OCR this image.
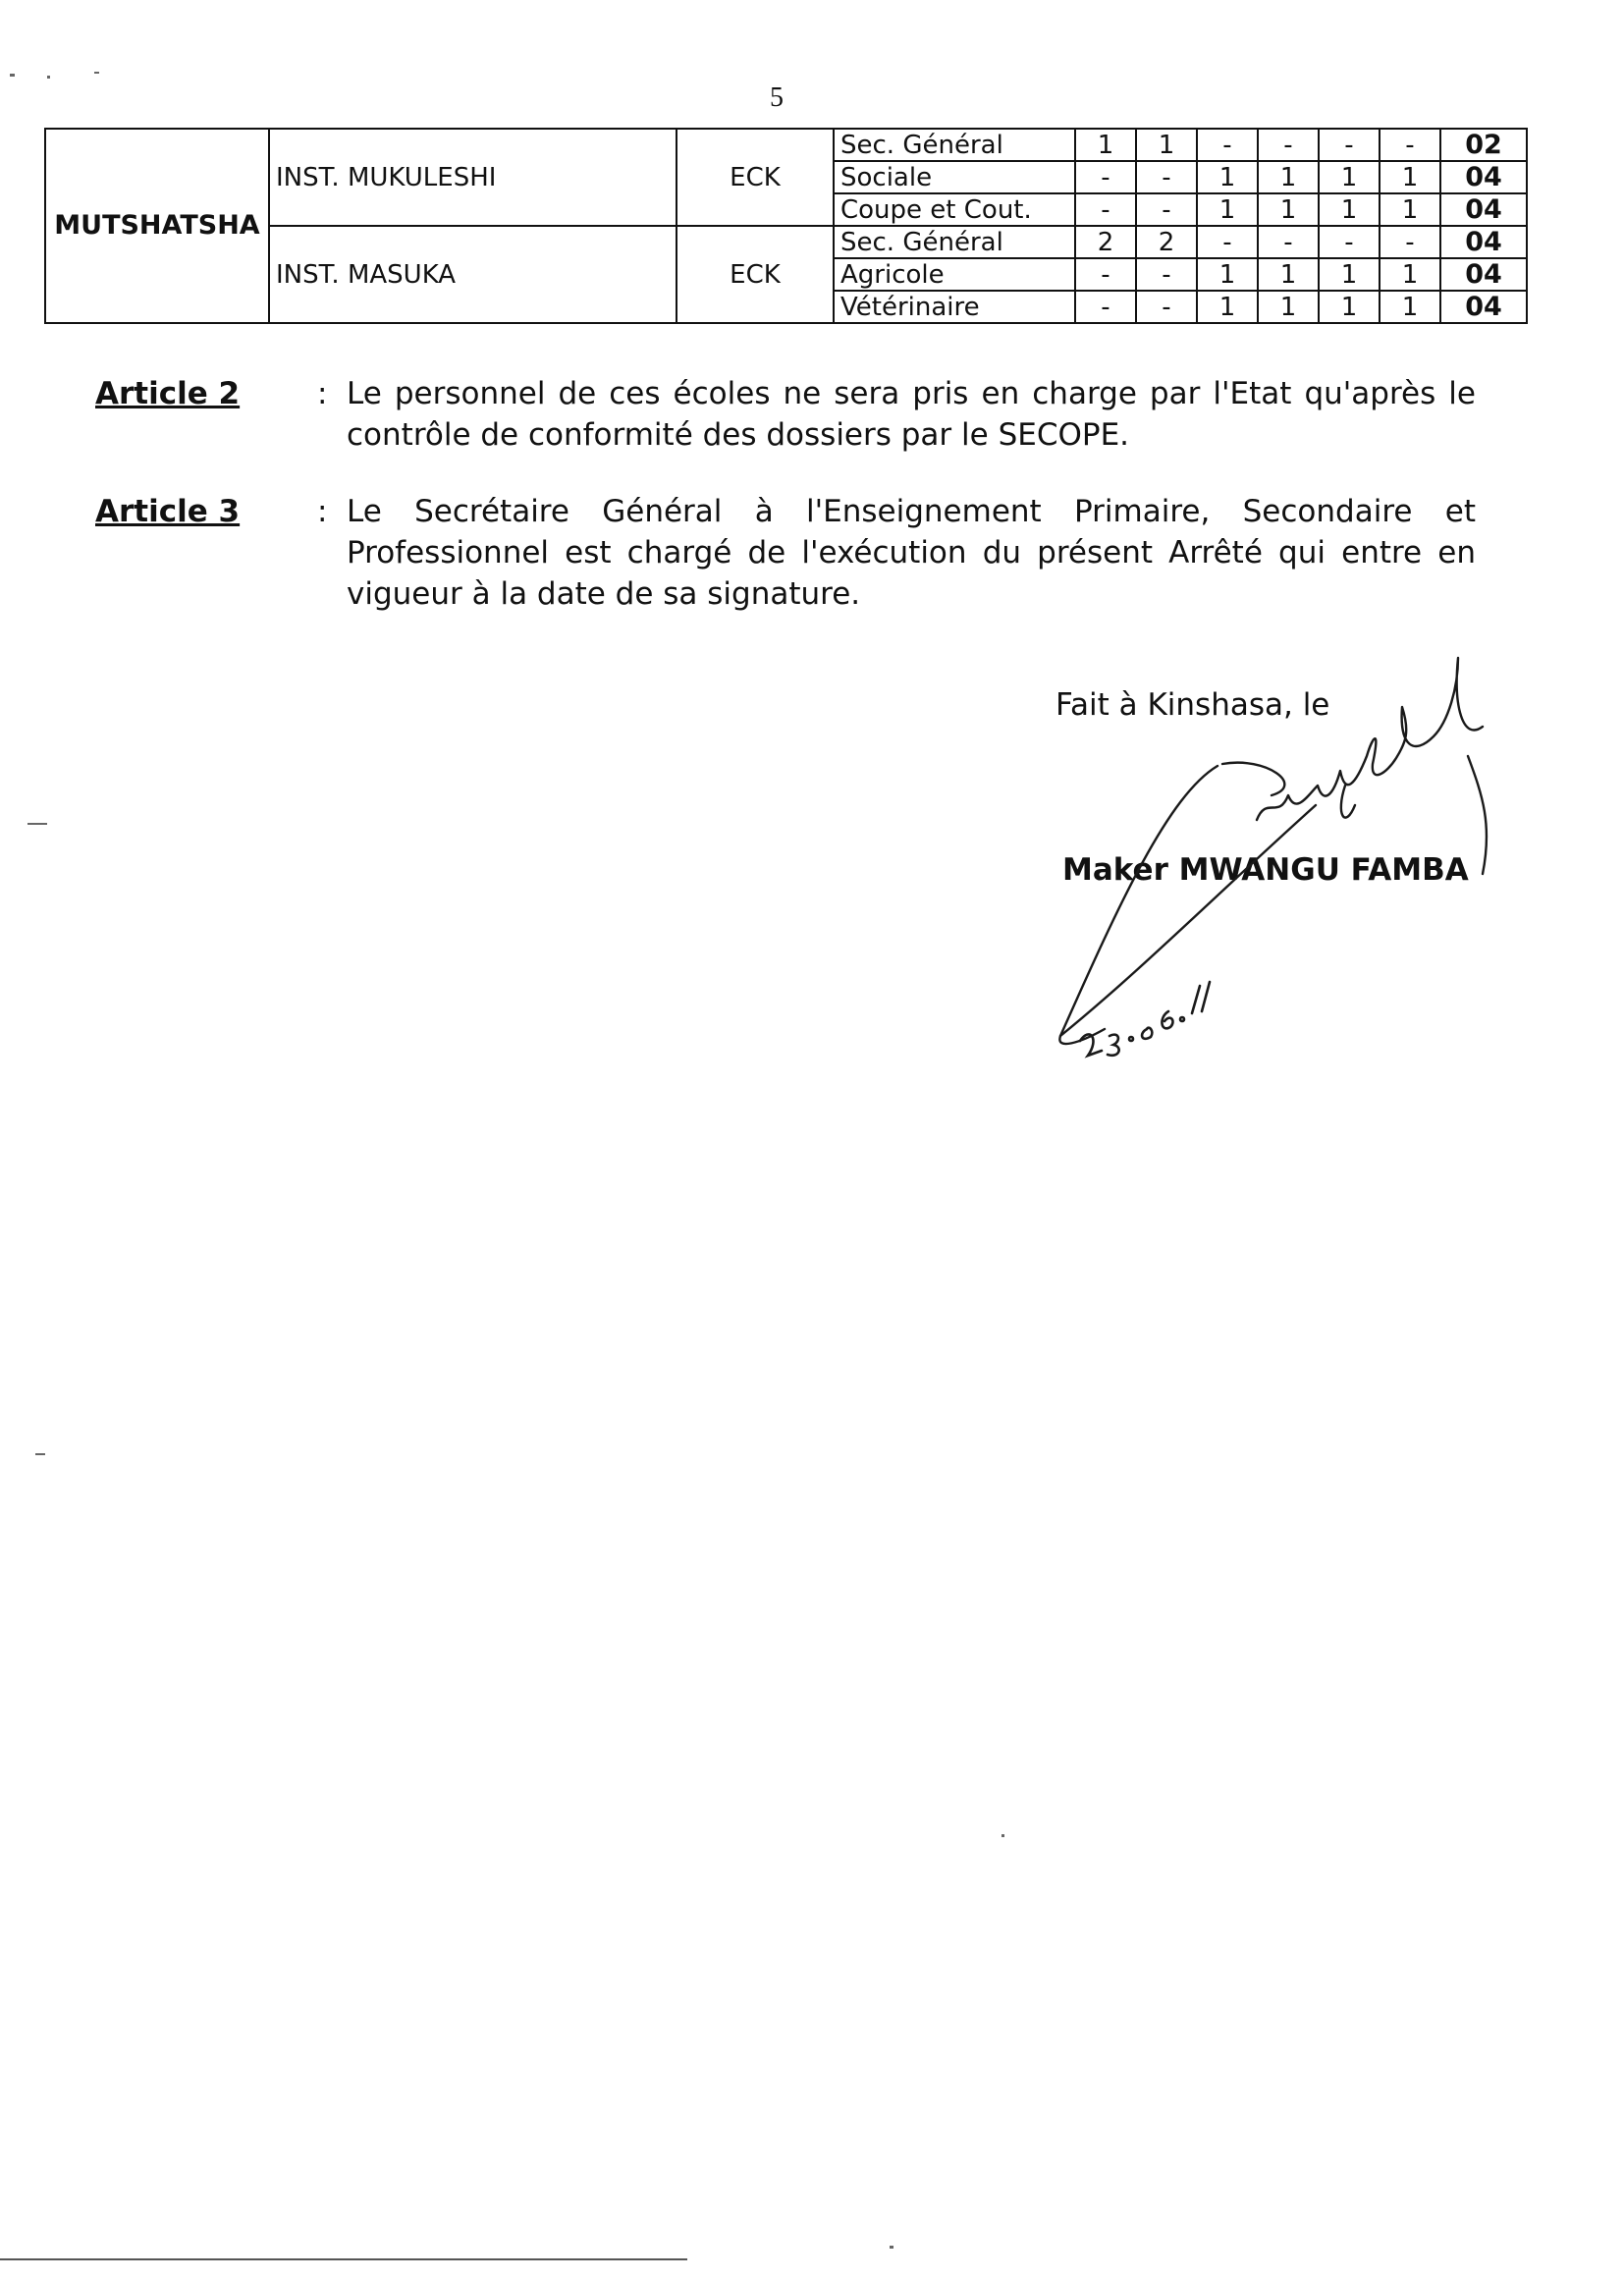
5
MUTSHATSHA	INST. MUKULESHI	ECK	Sec. Général	1	1	-	-	-	-	02
			Sociale	-	-	1	1	1	1	04
			Coupe et Cout.	-	-	1	1	1	1	04
	INST. MASUKA	ECK	Sec. Général	2	2	-	-	-	-	04
			Agricole	-	-	1	1	1	1	04
			Vétérinaire	-	-	1	1	1	1	04
Article 2	: Le personnel de ces écoles ne sera pris en charge par l'Etat qu'après le contrôle de conformité des dossiers par le SECOPE.
Article 3	: Le Secrétaire Général à l'Enseignement Primaire, Secondaire et Professionnel est chargé de l'exécution du présent Arrêté qui entre en vigueur à la date de sa signature.
Fait à Kinshasa, le
Maker MWANGU FAMBA
